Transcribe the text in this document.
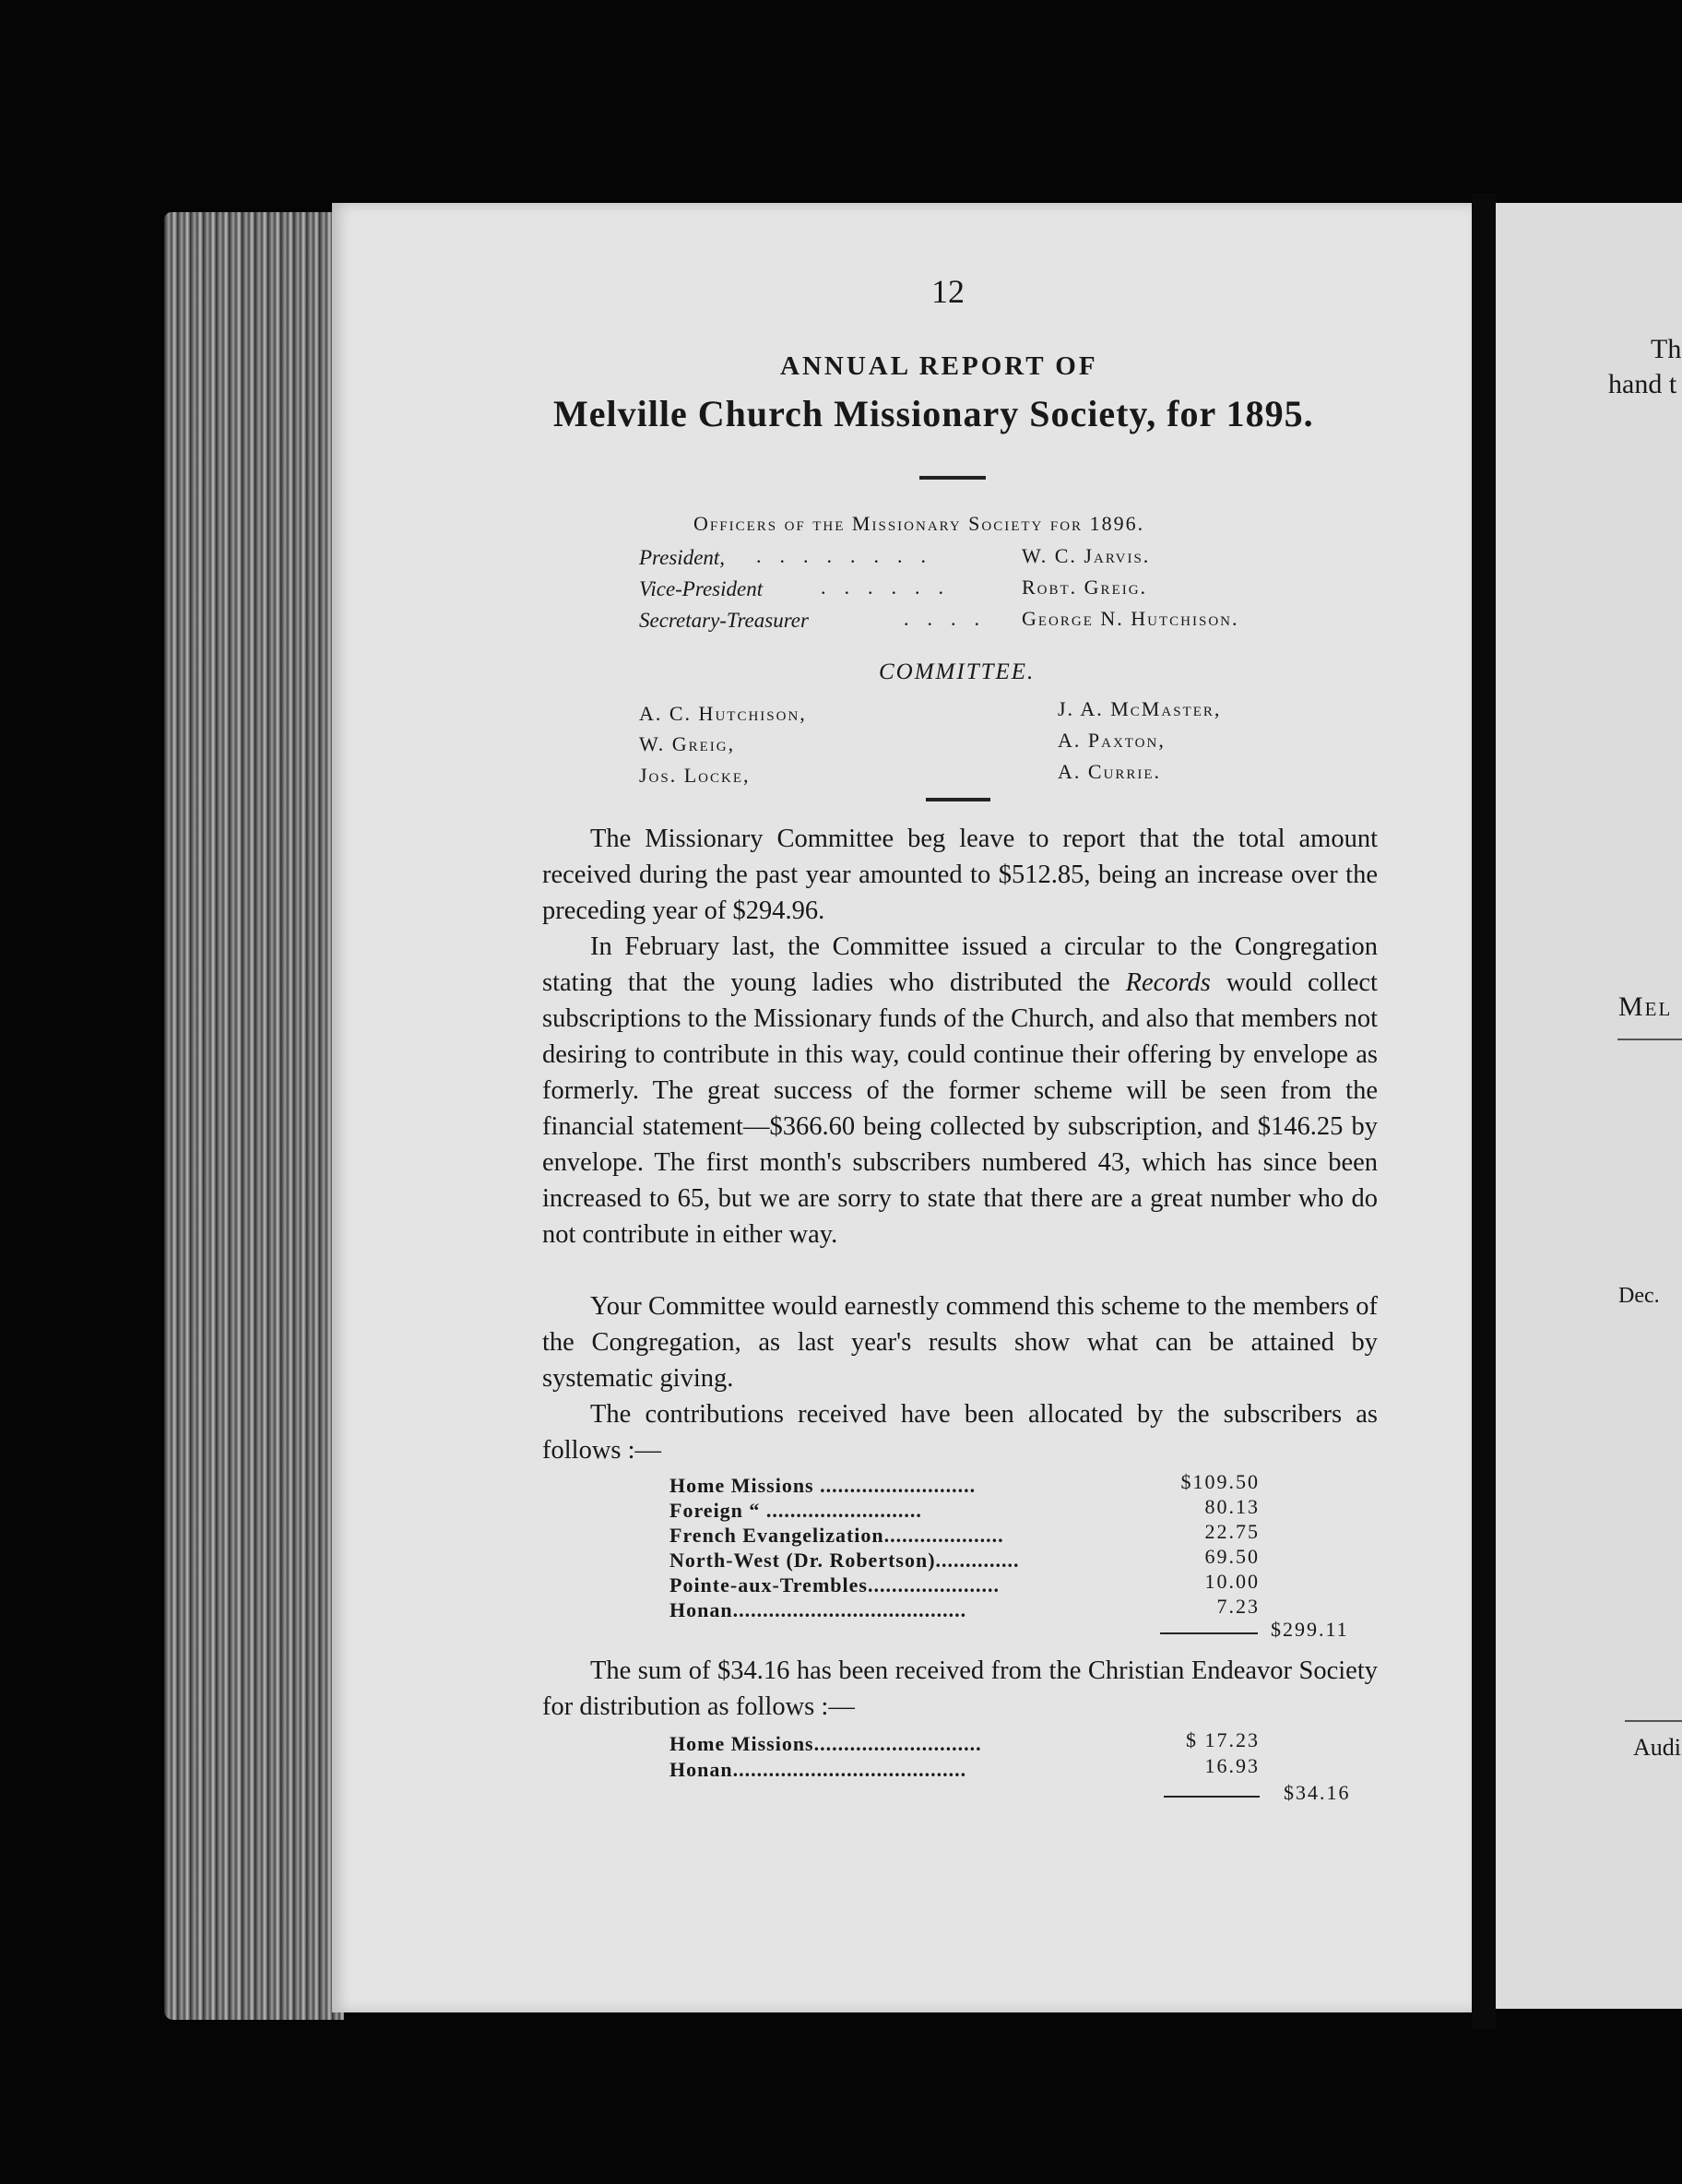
Th
hand t
Mel
Dec.
Audi
12
ANNUAL REPORT OF
Melville Church Missionary Society, for 1895.
Officers of the Missionary Society for 1896.
President, ........	W. C. Jarvis.
Vice-President	......	Robt. Greig.
Secretary-Treasurer	.... George N. Hutchison.
COMMITTEE.
A. C. Hutchison,
W. Greig,
Jos. Locke,
J. A. McMaster,
A. Paxton,
A. Currie.

The Missionary Committee beg leave to report that the total amount received during the past year amounted to $512.85, being an increase over the preceding year of $294.96.

In February last, the Committee issued a circular to the Congregation stating that the young ladies who distributed the Records would collect subscriptions to the Missionary funds of the Church, and also that members not desiring to contribute in this way, could continue their offering by envelope as formerly. The great success of the former scheme will be seen from the financial statement—$366.60 being collected by subscription, and $146.25 by envelope. The first month's subscribers numbered 43, which has since been increased to 65, but we are sorry to state that there are a great number who do not contribute in either way.

Your Committee would earnestly commend this scheme to the members of the Congregation, as last year's results show what can be attained by systematic giving.

The contributions received have been allocated by the subscribers as follows :—

Home Missions ..........................	$109.50
Foreign “ ..........................	80.13
French Evangelization....................	22.75
North-West (Dr. Robertson)..............	69.50
Pointe-aux-Trembles......................	10.00
Honan.......................................	7.23
$299.11

The sum of $34.16 has been received from the Christian Endeavor Society for distribution as follows :—

Home Missions............................	$ 17.23
Honan.......................................	16.93
$34.16
